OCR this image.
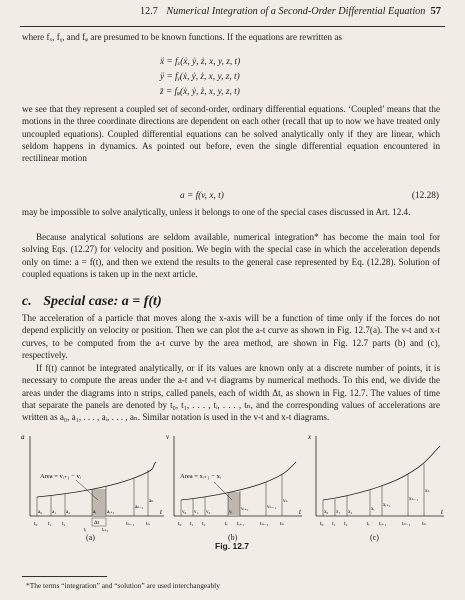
12.7 Numerical Integration of a Second-Order Differential Equation 57

where fₓ, fᵧ, and fᵩ are presumed to be known functions. If the equations are rewritten as

ẍ = fₓ(ẋ, ẏ, ż, x, y, z, t)
ÿ = fᵧ(ẋ, ẏ, ż, x, y, z, t)
z̈ = fᵩ(ẋ, ẏ, ż, x, y, z, t)

we see that they represent a coupled set of second-order, ordinary differential equations. ‘Coupled’ means that the motions in the three coordinate directions are dependent on each other (recall that up to now we have treated only uncoupled equations). Coupled differential equations can be solved analytically only if they are linear, which seldom happens in dynamics. As pointed out before, even the single differential equation encountered in rectilinear motion

a = f(v, x, t)	(12.28)

may be impossible to solve analytically, unless it belongs to one of the special cases discussed in Art. 12.4.

Because analytical solutions are seldom available, numerical integration* has become the main tool for solving Eqs. (12.27) for velocity and position. We begin with the special case in which the acceleration depends only on time: a = f(t), and then we extend the results to the general case represented by Eq. (12.28). Solution of coupled equations is taken up in the next article.

c. Special case: a = f(t)

The acceleration of a particle that moves along the x-axis will be a function of time only if the forces do not depend explicitly on velocity or position. Then we can plot the a-t curve as shown in Fig. 12.7(a). The v-t and x-t curves, to be computed from the a-t curve by the area method, are shown in Fig. 12.7 parts (b) and (c), respectively.

If f(t) cannot be integrated analytically, or if its values are known only at a discrete number of points, it is necessary to compute the areas under the a-t and v-t diagrams by numerical methods. To this end, we divide the areas under the diagrams into n strips, called panels, each of width Δt, as shown in Fig. 12.7. The values of time that separate the panels are denoted by t₀, t₁, . . . , tᵢ, . . . , tₙ, and the corresponding values of accelerations are written as a₀, a₁, . . . , aᵢ, . . . , aₙ. Similar notation is used in the v-t and x-t diagrams.

a
t
Area = vᵢ₊₁ − vᵢ
a₀ a₁ a₂	aᵢ aᵢ₊₁
aₙ₋₁
aₙ
t₀ t₁ t₂	tₙ₋₁ tₙ
Δt
tᵢ	tᵢ₊₁
(a)
v
t
Area = xᵢ₊₁ − xᵢ
v₀ v₁ v₂	vᵢ
vᵢ₊₁	vₙ₋₁
vₙ
t₀ t₁ t₂	tᵢ tᵢ₊₁	tₙ₋₁ tₙ
(b)
x
t
x₀ x₁ x₂
xᵢ
xᵢ₊₁
xₙ₋₁
xₙ
t₀ t₁ t₂	tᵢ tᵢ₊₁	tₙ₋₁ tₙ
(c)
Fig. 12.7
*The terms “integration” and “solution” are used interchangeably
